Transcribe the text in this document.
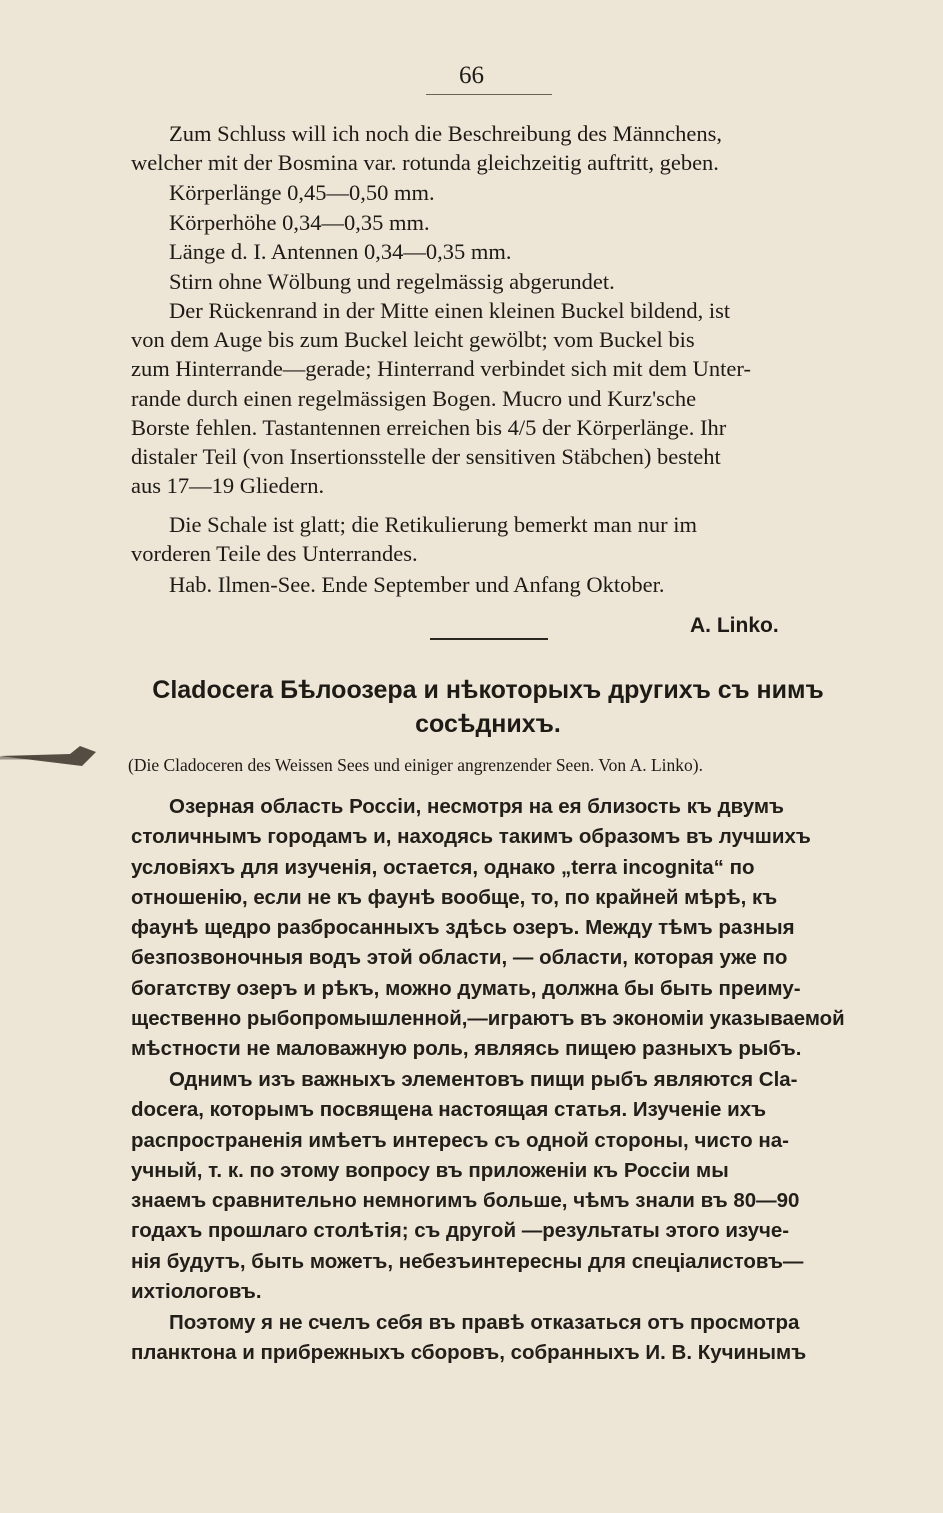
66
Zum Schluss will ich noch die Beschreibung des Männchens,
welcher mit der Bosmina var. rotunda gleichzeitig auftritt, geben.
Körperlänge 0,45—0,50 mm.
Körperhöhe 0,34—0,35 mm.
Länge d. I. Antennen 0,34—0,35 mm.
Stirn ohne Wölbung und regelmässig abgerundet.
Der Rückenrand in der Mitte einen kleinen Buckel bildend, ist
von dem Auge bis zum Buckel leicht gewölbt; vom Buckel bis
zum Hinterrande—gerade; Hinterrand verbindet sich mit dem Unter-
rande durch einen regelmässigen Bogen. Mucro und Kurz'sche
Borste fehlen. Tastantennen erreichen bis 4/5 der Körperlänge. Ihr
distaler Teil (von Insertionsstelle der sensitiven Stäbchen) besteht
aus 17—19 Gliedern.
Die Schale ist glatt; die Retikulierung bemerkt man nur im
vorderen Teile des Unterrandes.
Hab. Ilmen-See. Ende September und Anfang Oktober.
A. Linko.
Cladocera Бѣлоозера и нѣкоторыхъ другихъ съ нимъ
сосѣднихъ.
(Die Cladoceren des Weissen Sees und einiger angrenzender Seen. Von A. Linko).
Озерная область Россіи, несмотря на ея близость къ двумъ
столичнымъ городамъ и, находясь такимъ образомъ въ лучшихъ
условіяхъ для изученія, остается, однако „terra incognita“ по
отношенію, если не къ фаунѣ вообще, то, по крайней мѣрѣ, къ
фаунѣ щедро разбросанныхъ здѣсь озеръ. Между тѣмъ разныя
безпозвоночныя водъ этой области, — области, которая уже по
богатству озеръ и рѣкъ, можно думать, должна бы быть преиму-
щественно рыбопромышленной,—играютъ въ экономіи указываемой
мѣстности не маловажную роль, являясь пищею разныхъ рыбъ.
Однимъ изъ важныхъ элементовъ пищи рыбъ являются Cla-
docera, которымъ посвящена настоящая статья. Изученіе ихъ
распространенія имѣетъ интересъ съ одной стороны, чисто на-
учный, т. к. по этому вопросу въ приложеніи къ Россіи мы
знаемъ сравнительно немногимъ больше, чѣмъ знали въ 80—90
годахъ прошлаго столѣтія; съ другой —результаты этого изуче-
нія будутъ, быть можетъ, небезъинтересны для спеціалистовъ—
ихтіологовъ.
Поэтому я не счелъ себя въ правѣ отказаться отъ просмотра
планктона и прибрежныхъ сборовъ, собранныхъ И. В. Кучинымъ
